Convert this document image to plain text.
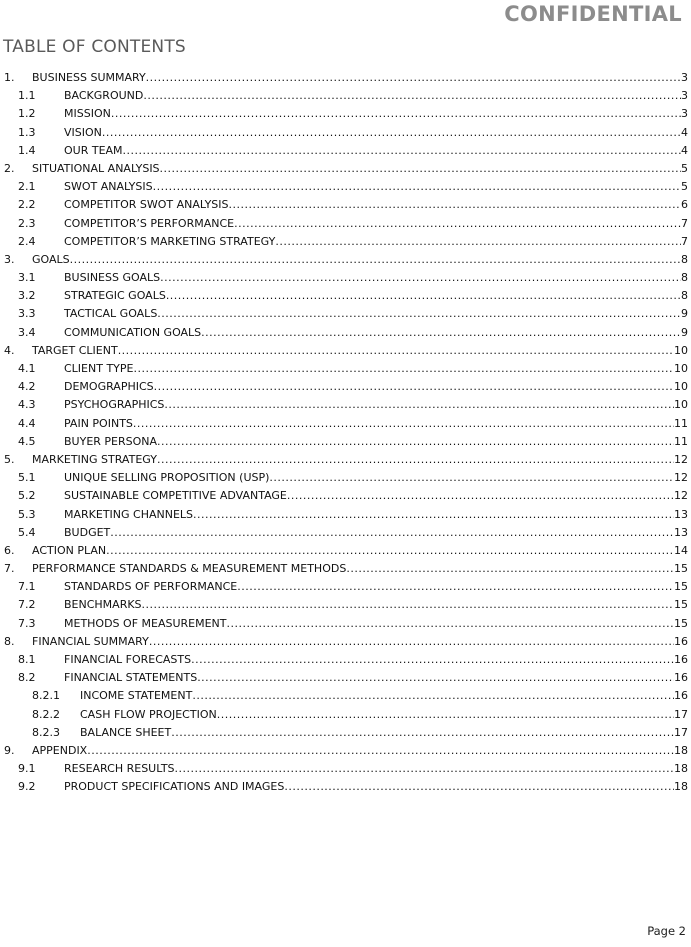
CONFIDENTIAL
TABLE OF CONTENTS
1. BUSINESS SUMMARY .....	3
1.1	BACKGROUND .....	3
1.2	MISSION .....	3
1.3	VISION .....	4
1.4	OUR TEAM .....	4
2. SITUATIONAL ANALYSIS .....	5
2.1	SWOT ANALYSIS .....	5
2.2	COMPETITOR SWOT ANALYSIS .....	6
2.3	COMPETITOR’S PERFORMANCE .....	7
2.4	COMPETITOR’S MARKETING STRATEGY .....	7
3. GOALS .....	8
3.1	BUSINESS GOALS .....	8
3.2	STRATEGIC GOALS .....	8
3.3	TACTICAL GOALS .....	9
3.4	COMMUNICATION GOALS .....	9
4. TARGET CLIENT .....	10
4.1	CLIENT TYPE .....	10
4.2	DEMOGRAPHICS .....	10
4.3	PSYCHOGRAPHICS .....	10
4.4	PAIN POINTS .....	11
4.5	BUYER PERSONA .....	11
5. MARKETING STRATEGY .....	12
5.1	UNIQUE SELLING PROPOSITION (USP) .....	12
5.2	SUSTAINABLE COMPETITIVE ADVANTAGE .....	12
5.3	MARKETING CHANNELS .....	13
5.4	BUDGET .....	13
6. ACTION PLAN .....	14
7. PERFORMANCE STANDARDS & MEASUREMENT METHODS .....	15
7.1	STANDARDS OF PERFORMANCE .....	15
7.2	BENCHMARKS .....	15
7.3	METHODS OF MEASUREMENT .....	15
8. FINANCIAL SUMMARY .....	16
8.1	FINANCIAL FORECASTS .....	16
8.2	FINANCIAL STATEMENTS .....	16
8.2.1 INCOME STATEMENT .....	16
8.2.2 CASH FLOW PROJECTION .....	17
8.2.3 BALANCE SHEET .....	17
9. APPENDIX .....	18
9.1	RESEARCH RESULTS .....	18
9.2	PRODUCT SPECIFICATIONS AND IMAGES .....	18
Page 2
